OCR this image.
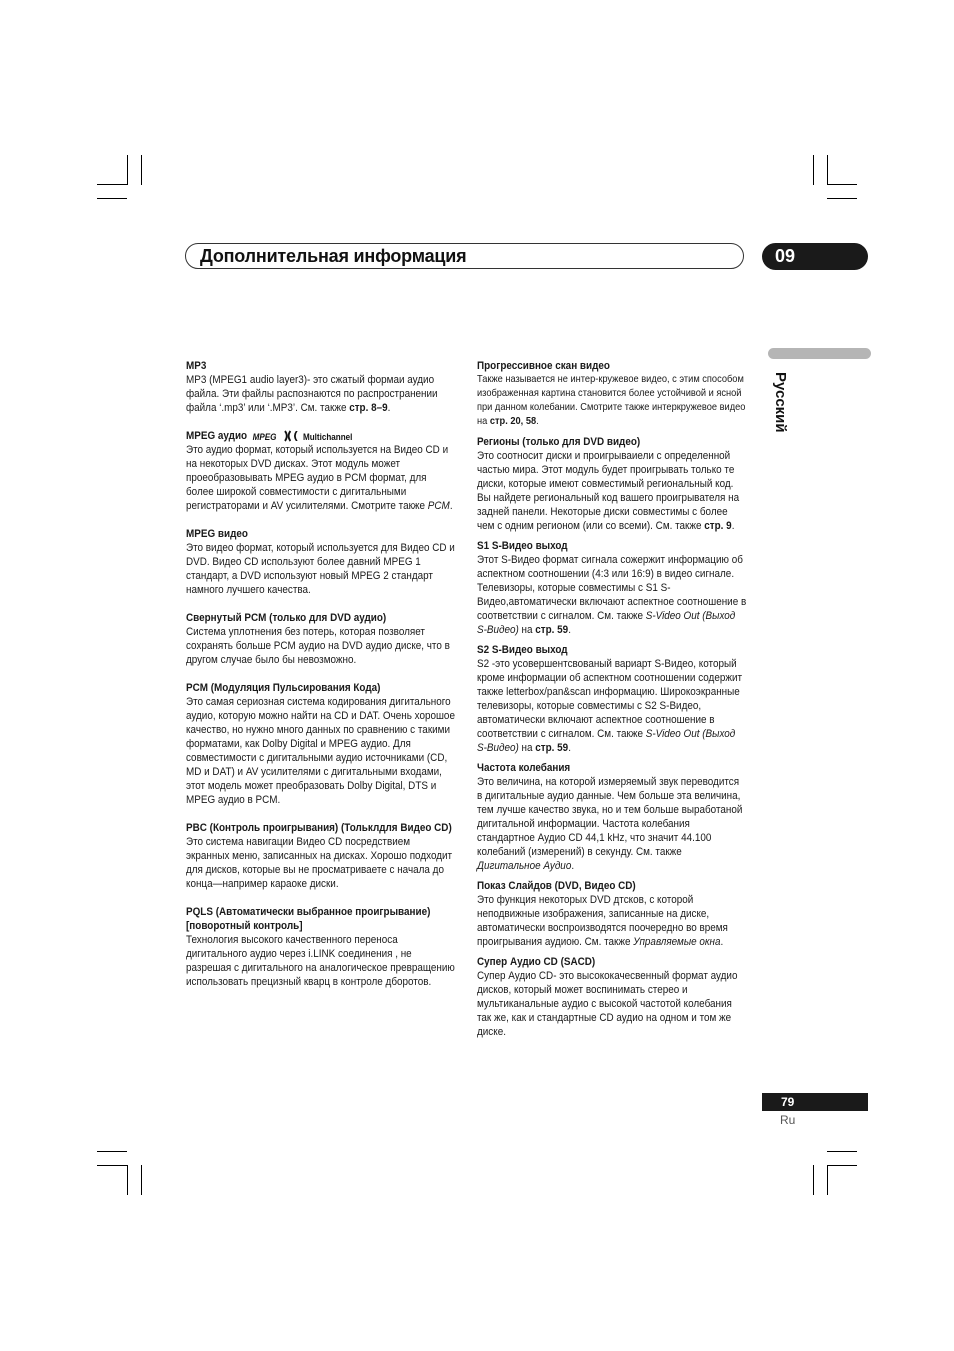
Дополнительная информация	09
Русский
MP3

MP3 (MPEG1 audio layer3)- это сжатый формаи аудио файла. Эти файлы распознаются по распространении файла ‘.mp3’ или ‘.MP3’. См. также стр. 8–9.

MPEG аудио MPEG	Multichannel

Это аудио формат, который используется на Видео CD и на некоторых DVD дисках. Этот модуль может проеобразовывать MPEG аудио в PCM формат, для более широкой совместимости с дигитальными регистраторами и AV усилителями. Смотрите также PCM.

MPEG видео

Это видео формат, который используется для Видео CD и DVD. Видео CD используют более давний MPEG 1 стандарт, а DVD используют новый MPEG 2 стандарт намного лучшего качества.

Свернутый PCM (только для DVD аудио)

Система уплотнения без потерь, которая позволяет сохранять больше PCM аудио на DVD аудио диске, что в другом случае было бы невозможно.

PCM (Модуляция Пульсирования Кода)

Это самая сериозная система кодирования дигитального аудио, которую можно найти на CD и DAT. Очень хорошое качество, но нужно много данных по сравнению с такими форматами, как Dolby Digital и MPEG аудио. Для совместимости с дигитальными аудио источниками (CD, MD и DAT) и AV усилителями с дигитальными входами, этот модель может преобразовать Dolby Digital, DTS и MPEG аудио в PCM.

PBC (Контроль проигрывания) (Тольклдля Видео CD)

Это система навигации Видео CD посредствием экранных меню, записанных на дисках. Хорошо подходит для дисков, которые вы не просматриваете с начала до конца—например караоке диски.

PQLS (Автоматически выбранное проигрывание) [поворотный контроль]

Технология высокого качественного переноса дигитального аудио через i.LINK соединения , не разрешая с дигитального на аналогическое превращению использовать прецизный кварц в контроле дборотов.

Прогрессивное скан видео

Также называется не интер-кружевое видео, с этим способом изображенная картина становится более устойчивой и ясной при данном колебании. Смотрите также интеркружевое видео на стр. 20, 58.

Регионы (только для DVD видео)

Это соотносит диски и проигрываиели с определенной частью мира. Этот модуль будет проигрывать только те диски, которые имеют совместимый региональный код. Вы найдете региональный код вашего проигрывателя на задней панели. Некоторые диски совместимы с более чем с одним регионом (или со всеми). См. также стр. 9.

S1 S-Видео выход

Этот S-Видео формат сигнала сожержит информацию об аспектном соотношении (4:3 или 16:9) в видео сигнале. Телевизоры, которые совместимы с S1 S-Видео,автоматически включают аспектное соотношение в соответствии с сигналом. См. также S-Video Out (Выход S-Видео) на стр. 59.

S2 S-Видео выход

S2 -это усовершентсвованый вариарт S-Видео, который кроме информации об аспектном соотношении содержит также letterbox/pan&scan информацию. Широкоэкранные телевизоры, которые совместимы с S2 S-Видео, автоматически включают аспектное соотношение в соответствии с сигналом. См. также S-Video Out (Выход S-Видео) на стр. 59.

Частота колебания

Это величина, на которой измеряемый звук переводится в дигитальные аудио данные. Чем больше эта величина, тем лучше качество звука, но и тем больше выработаной дигитальной информации. Частота колебания стандартноe Аудио CD 44,1 kHz, что значит 44.100 колебаний (измерений) в секунду. См. также Дигитальное Аудио.

Показ Слайдов (DVD, Видео CD)

Это функция некоторых DVD дтсков, с которой неподвижные изображения, записанные на диске, автоматически воспроизводятся поочередно во время проигрывания аудиою. См. также Управляемые окна.

Супер Аудио CD (SACD)

Супер Аудио CD- это высококачесвенный формат аудио дисков, который может воспинимать стерео и мультиканальные аудио с высокой частотой колебания так же, как и стандартные CD аудио на одном и том же диске.

79
Ru
